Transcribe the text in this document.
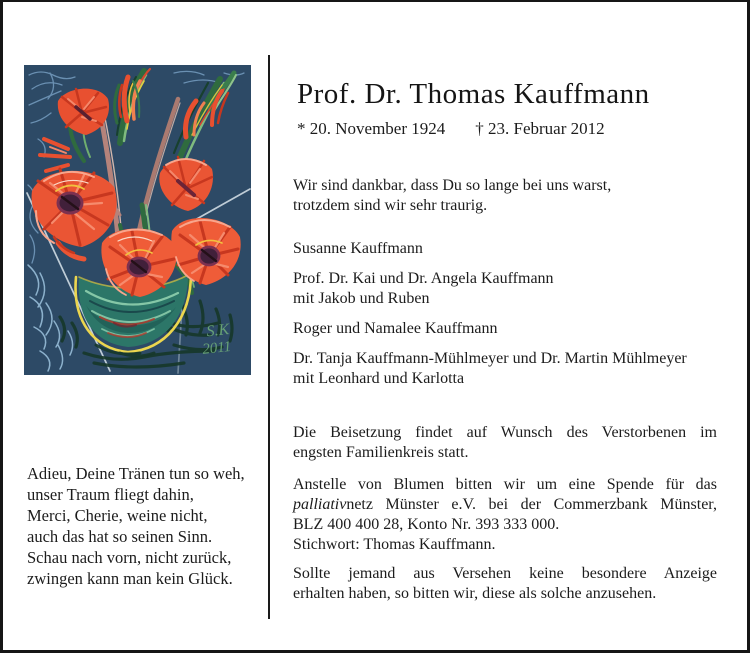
S.K
2011
Adieu, Deine Tränen tun so weh,
unser Traum fliegt dahin,
Merci, Cherie, weine nicht,
auch das hat so seinen Sinn.
Schau nach vorn, nicht zurück,
zwingen kann man kein Glück.
Prof. Dr. Thomas Kauffmann
* 20. November 1924 † 23. Februar 2012
Wir sind dankbar, dass Du so lange bei uns warst,
trotzdem sind wir sehr traurig.
Susanne Kauffmann
Prof. Dr. Kai und Dr. Angela Kauffmann
mit Jakob und Ruben
Roger und Namalee Kauffmann
Dr. Tanja Kauffmann-Mühlmeyer und Dr. Martin Mühlmeyer
mit Leonhard und Karlotta
Die Beisetzung findet auf Wunsch des Verstorbenen im
engsten Familienkreis statt.
Anstelle von Blumen bitten wir um eine Spende für das
palliativnetz Münster e.V. bei der Commerzbank Münster,
BLZ 400 400 28, Konto Nr. 393 333 000.
Stichwort: Thomas Kauffmann.
Sollte jemand aus Versehen keine besondere Anzeige
erhalten haben, so bitten wir, diese als solche anzusehen.
